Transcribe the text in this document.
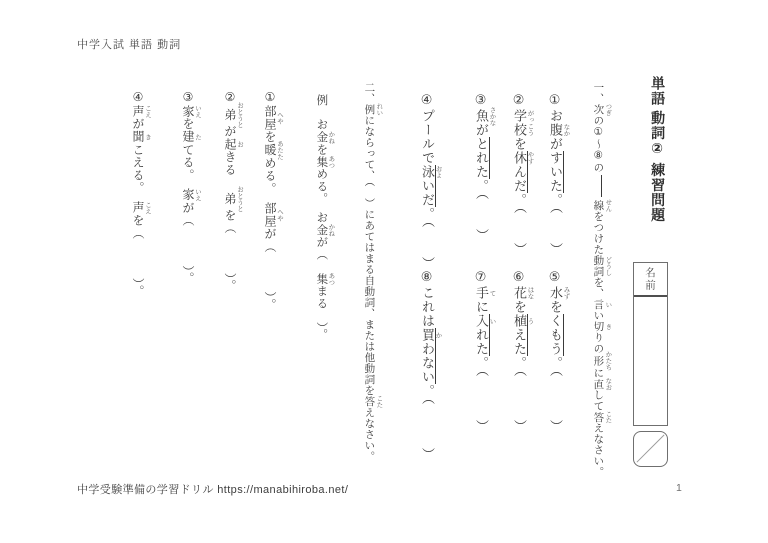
中学入試 単語 動詞
単語 動詞② 練習問題
名前
一、次 つぎの①〜⑧の線 せんをつけた動詞 どうしを、言 いい切 きりの形 かたちに直 なおして答 こたえなさい。
①お腹 なかがすいた。（　　）
②学校 がっこうを休 やすんだ。（　　）
③魚 さかながとれた。（　　）
④プールで泳 およいだ。（　　）
⑤水 みずをくもう。（　　　）
⑥花 はなを植 うえた。（　　　）
⑦手 てに入 いれた。（　　　）
⑧これは買 かわない。（　　　）
二、例 れいにならって、（　）にあてはまる自動詞、または他動詞を答 こたえなさい。
例　お金 かねを集 あつめる。　お金 かねが（　集 あつまる　）。
①部屋 へやを暖 あたためる。　部屋 へやが（　　　）。
②弟 おとうとが起 おきる　弟 おとうとを（　　　）。
③家 いえを建 たてる。　家 いえが（　　　）。
④声 こえが聞 きこえる。　声 こえを（　　　）。
中学受験準備の学習ドリル https://manabihiroba.net/	1
